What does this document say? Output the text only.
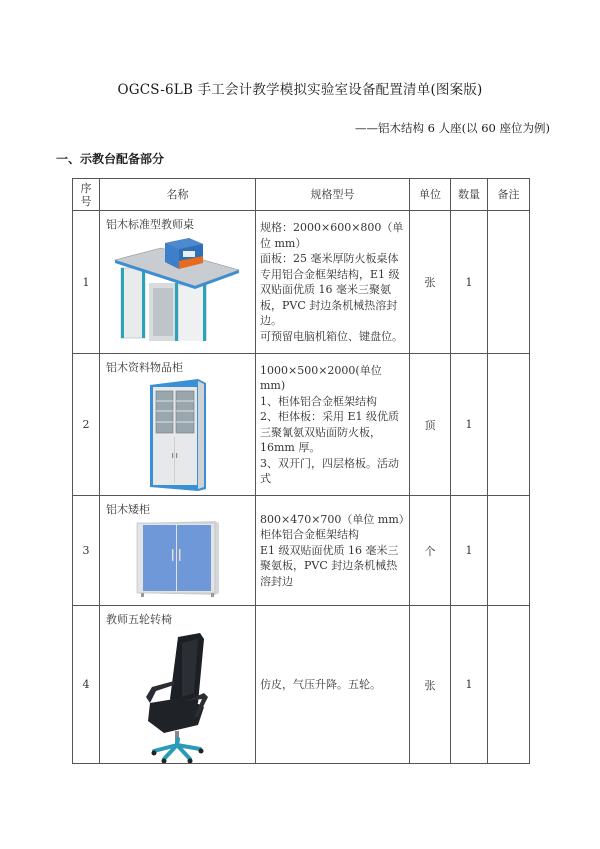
OGCS-6LB 手工会计教学模拟实验室设备配置清单(图案版)
——铝木结构 6 人座(以 60 座位为例)
一、示教台配备部分
序号	名称	规格型号	单位	数量	备注
1	铝木标准型教师桌	规格：2000×600×800（单位 mm）
面板：25 毫米厚防火板桌体专用铝合金框架结构，E1 级双贴面优质 16 毫米三聚氨板，PVC 封边条机械热溶封边。
可预留电脑机箱位、键盘位。	张	1	
2	铝木资料物品柜	1000×500×2000(单位 mm)
1、柜体铝合金框架结构
2、柜体板：采用 E1 级优质三聚氰氨双贴面防火板，16mm 厚。
3、双开门，四层格板。活动式	顶	1	
3	铝木矮柜	800×470×700（单位 mm）
柜体铝合金框架结构
E1 级双贴面优质 16 毫米三聚氨板，PVC 封边条机械热溶封边	个	1	
4	教师五轮转椅	仿皮，气压升降。五轮。	张	1	
